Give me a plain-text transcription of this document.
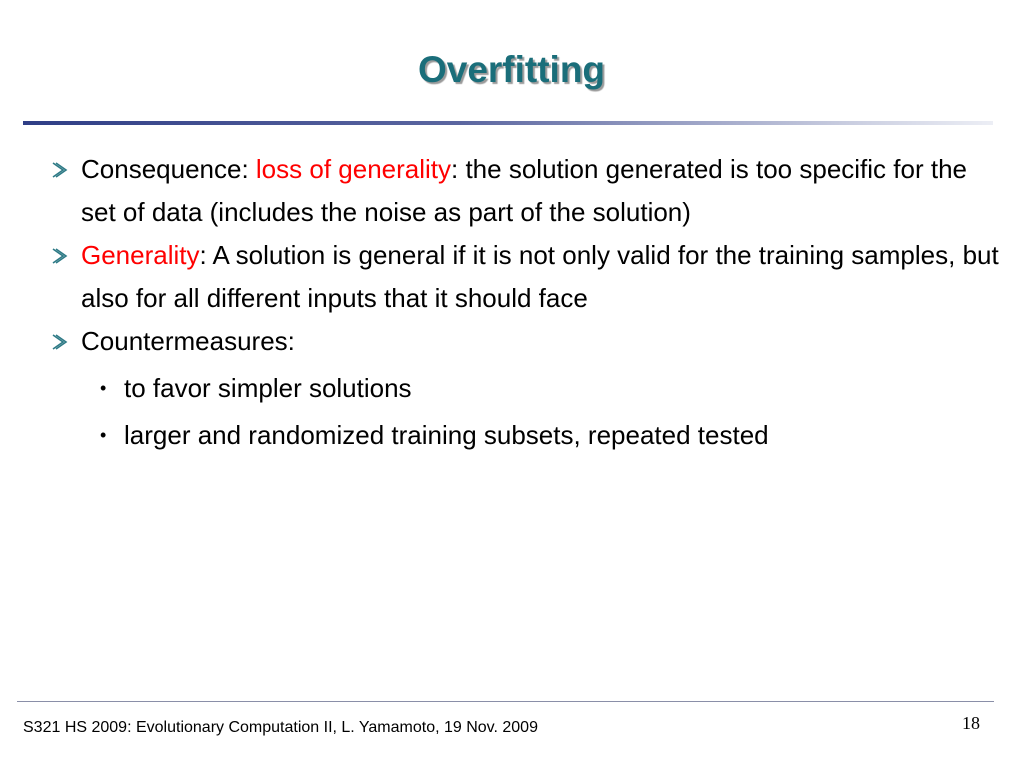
Overfitting

Consequence: loss of generality: the solution generated is too specific for the set of data (includes the noise as part of the solution)

Generality: A solution is general if it is not only valid for the training samples, but also for all different inputs that it should face

Countermeasures:

• to favor simpler solutions

• larger and randomized training subsets, repeated tested

S321 HS 2009: Evolutionary Computation II, L. Yamamoto, 19 Nov. 2009	18
